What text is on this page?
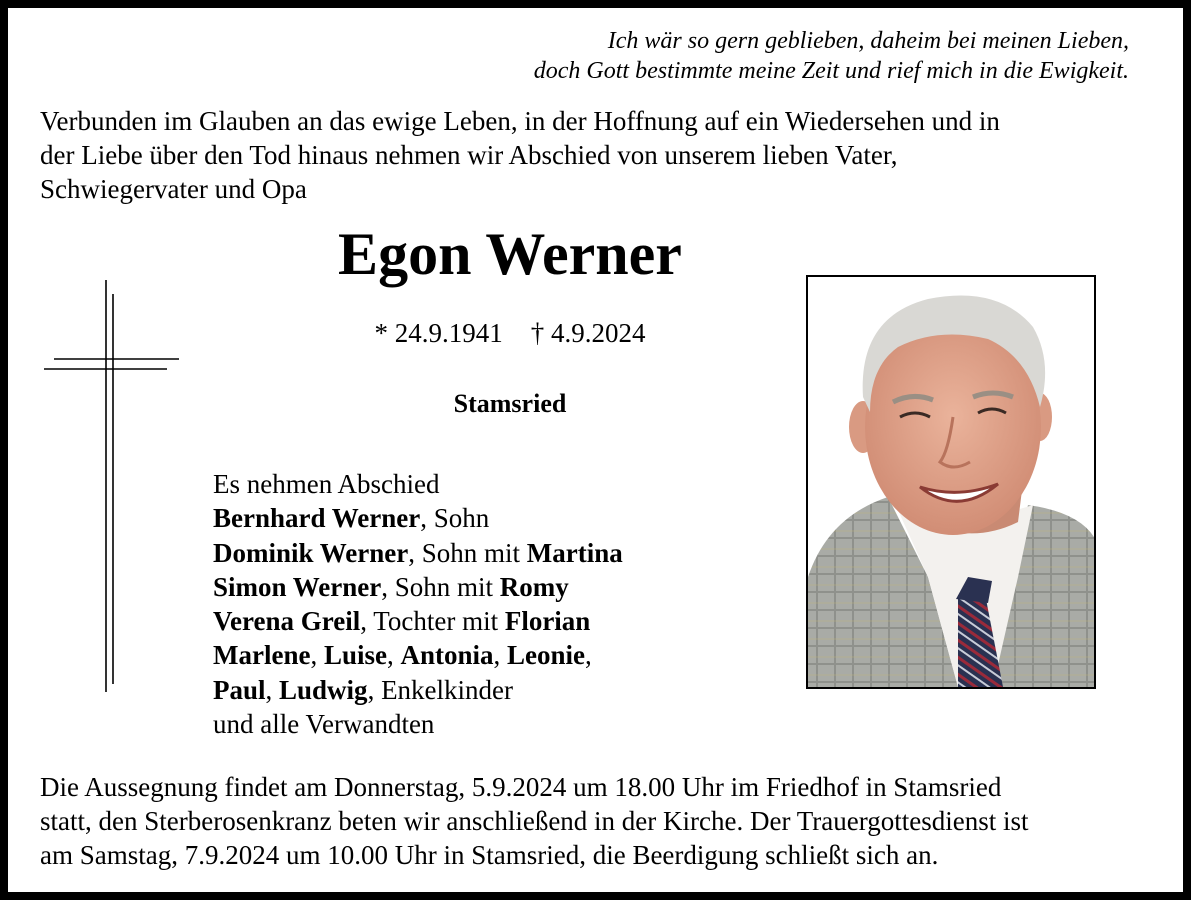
Ich wär so gern geblieben, daheim bei meinen Lieben,
doch Gott bestimmte meine Zeit und rief mich in die Ewigkeit.
Verbunden im Glauben an das ewige Leben, in der Hoffnung auf ein Wiedersehen und in
der Liebe über den Tod hinaus nehmen wir Abschied von unserem lieben Vater,
Schwiegervater und Opa
Egon Werner
* 24.9.1941 † 4.9.2024
Stamsried
Es nehmen Abschied
Bernhard Werner, Sohn
Dominik Werner, Sohn mit Martina
Simon Werner, Sohn mit Romy
Verena Greil, Tochter mit Florian
Marlene, Luise, Antonia, Leonie,
Paul, Ludwig, Enkelkinder
und alle Verwandten
Die Aussegnung findet am Donnerstag, 5.9.2024 um 18.00 Uhr im Friedhof in Stamsried
statt, den Sterberosenkranz beten wir anschließend in der Kirche. Der Trauergottesdienst ist
am Samstag, 7.9.2024 um 10.00 Uhr in Stamsried, die Beerdigung schließt sich an.
